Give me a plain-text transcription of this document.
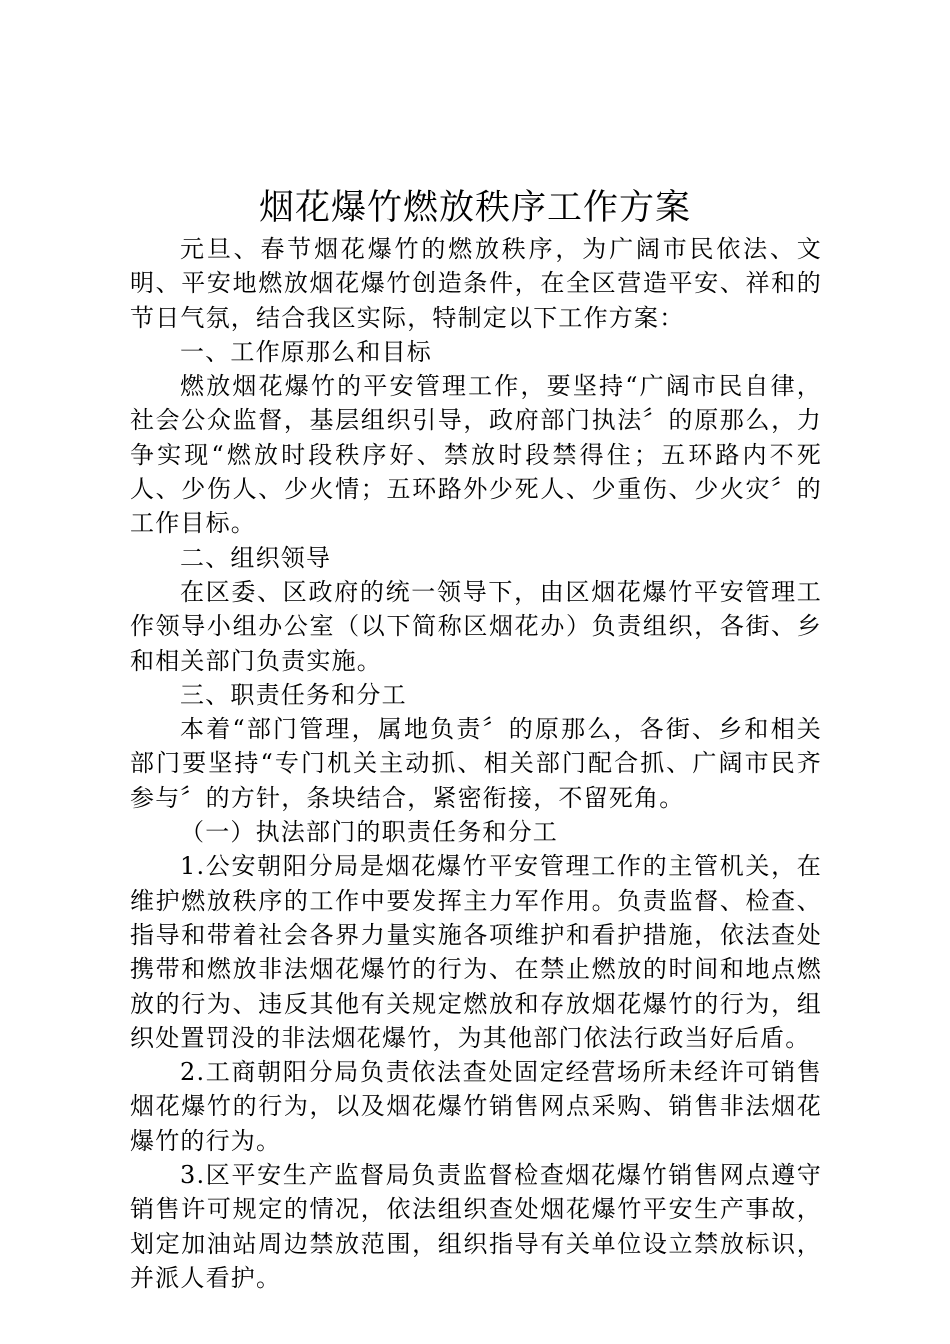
烟花爆竹燃放秩序工作方案

元旦、春节烟花爆竹的燃放秩序，为广阔市民依法、文明、平安地燃放烟花爆竹创造条件，在全区营造平安、祥和的节日气氛，结合我区实际，特制定以下工作方案：

一、工作原那么和目标

燃放烟花爆竹的平安管理工作，要坚持“广阔市民自律，社会公众监督，基层组织引导，政府部门执法〞的原那么，力争实现“燃放时段秩序好、禁放时段禁得住；五环路内不死人、少伤人、少火情；五环路外少死人、少重伤、少火灾〞的工作目标。

二、组织领导

在区委、区政府的统一领导下，由区烟花爆竹平安管理工作领导小组办公室（以下简称区烟花办）负责组织，各街、乡和相关部门负责实施。

三、职责任务和分工

本着“部门管理，属地负责〞的原那么，各街、乡和相关部门要坚持“专门机关主动抓、相关部门配合抓、广阔市民齐参与〞的方针，条块结合，紧密衔接，不留死角。

（一）执法部门的职责任务和分工

1.公安朝阳分局是烟花爆竹平安管理工作的主管机关，在维护燃放秩序的工作中要发挥主力军作用。负责监督、检查、指导和带着社会各界力量实施各项维护和看护措施，依法查处携带和燃放非法烟花爆竹的行为、在禁止燃放的时间和地点燃放的行为、违反其他有关规定燃放和存放烟花爆竹的行为，组织处置罚没的非法烟花爆竹，为其他部门依法行政当好后盾。

2.工商朝阳分局负责依法查处固定经营场所未经许可销售烟花爆竹的行为，以及烟花爆竹销售网点采购、销售非法烟花爆竹的行为。

3.区平安生产监督局负责监督检查烟花爆竹销售网点遵守销售许可规定的情况，依法组织查处烟花爆竹平安生产事故，划定加油站周边禁放范围，组织指导有关单位设立禁放标识，并派人看护。
